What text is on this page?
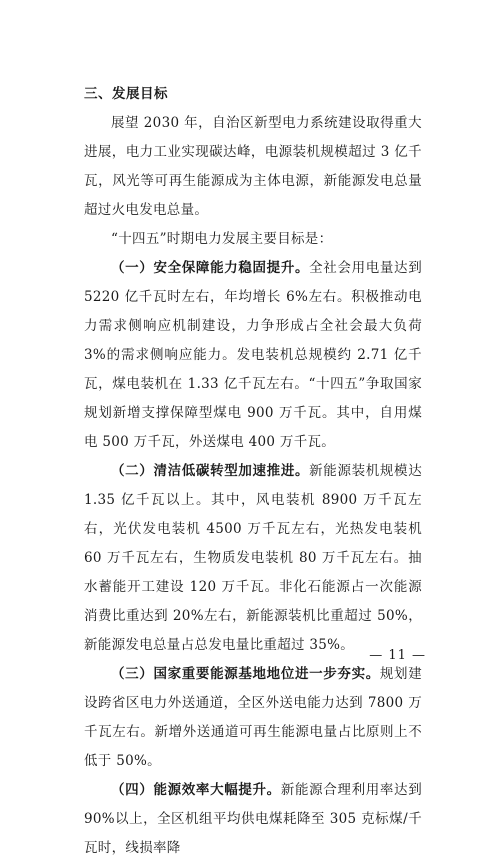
三、发展目标

展望 2030 年，自治区新型电力系统建设取得重大进展，电力工业实现碳达峰，电源装机规模超过 3 亿千瓦，风光等可再生能源成为主体电源，新能源发电总量超过火电发电总量。

“十四五”时期电力发展主要目标是：

（一）安全保障能力稳固提升。全社会用电量达到 5220 亿千瓦时左右，年均增长 6%左右。积极推动电力需求侧响应机制建设，力争形成占全社会最大负荷 3%的需求侧响应能力。发电装机总规模约 2.71 亿千瓦，煤电装机在 1.33 亿千瓦左右。“十四五”争取国家规划新增支撑保障型煤电 900 万千瓦。其中，自用煤电 500 万千瓦，外送煤电 400 万千瓦。

（二）清洁低碳转型加速推进。新能源装机规模达 1.35 亿千瓦以上。其中，风电装机 8900 万千瓦左右，光伏发电装机 4500 万千瓦左右，光热发电装机 60 万千瓦左右，生物质发电装机 80 万千瓦左右。抽水蓄能开工建设 120 万千瓦。非化石能源占一次能源消费比重达到 20%左右，新能源装机比重超过 50%，新能源发电总量占总发电量比重超过 35%。

（三）国家重要能源基地地位进一步夯实。规划建设跨省区电力外送通道，全区外送电能力达到 7800 万千瓦左右。新增外送通道可再生能源电量占比原则上不低于 50%。

（四）能源效率大幅提升。新能源合理利用率达到 90%以上，全区机组平均供电煤耗降至 305 克标煤/千瓦时，线损率降

— 11 —
